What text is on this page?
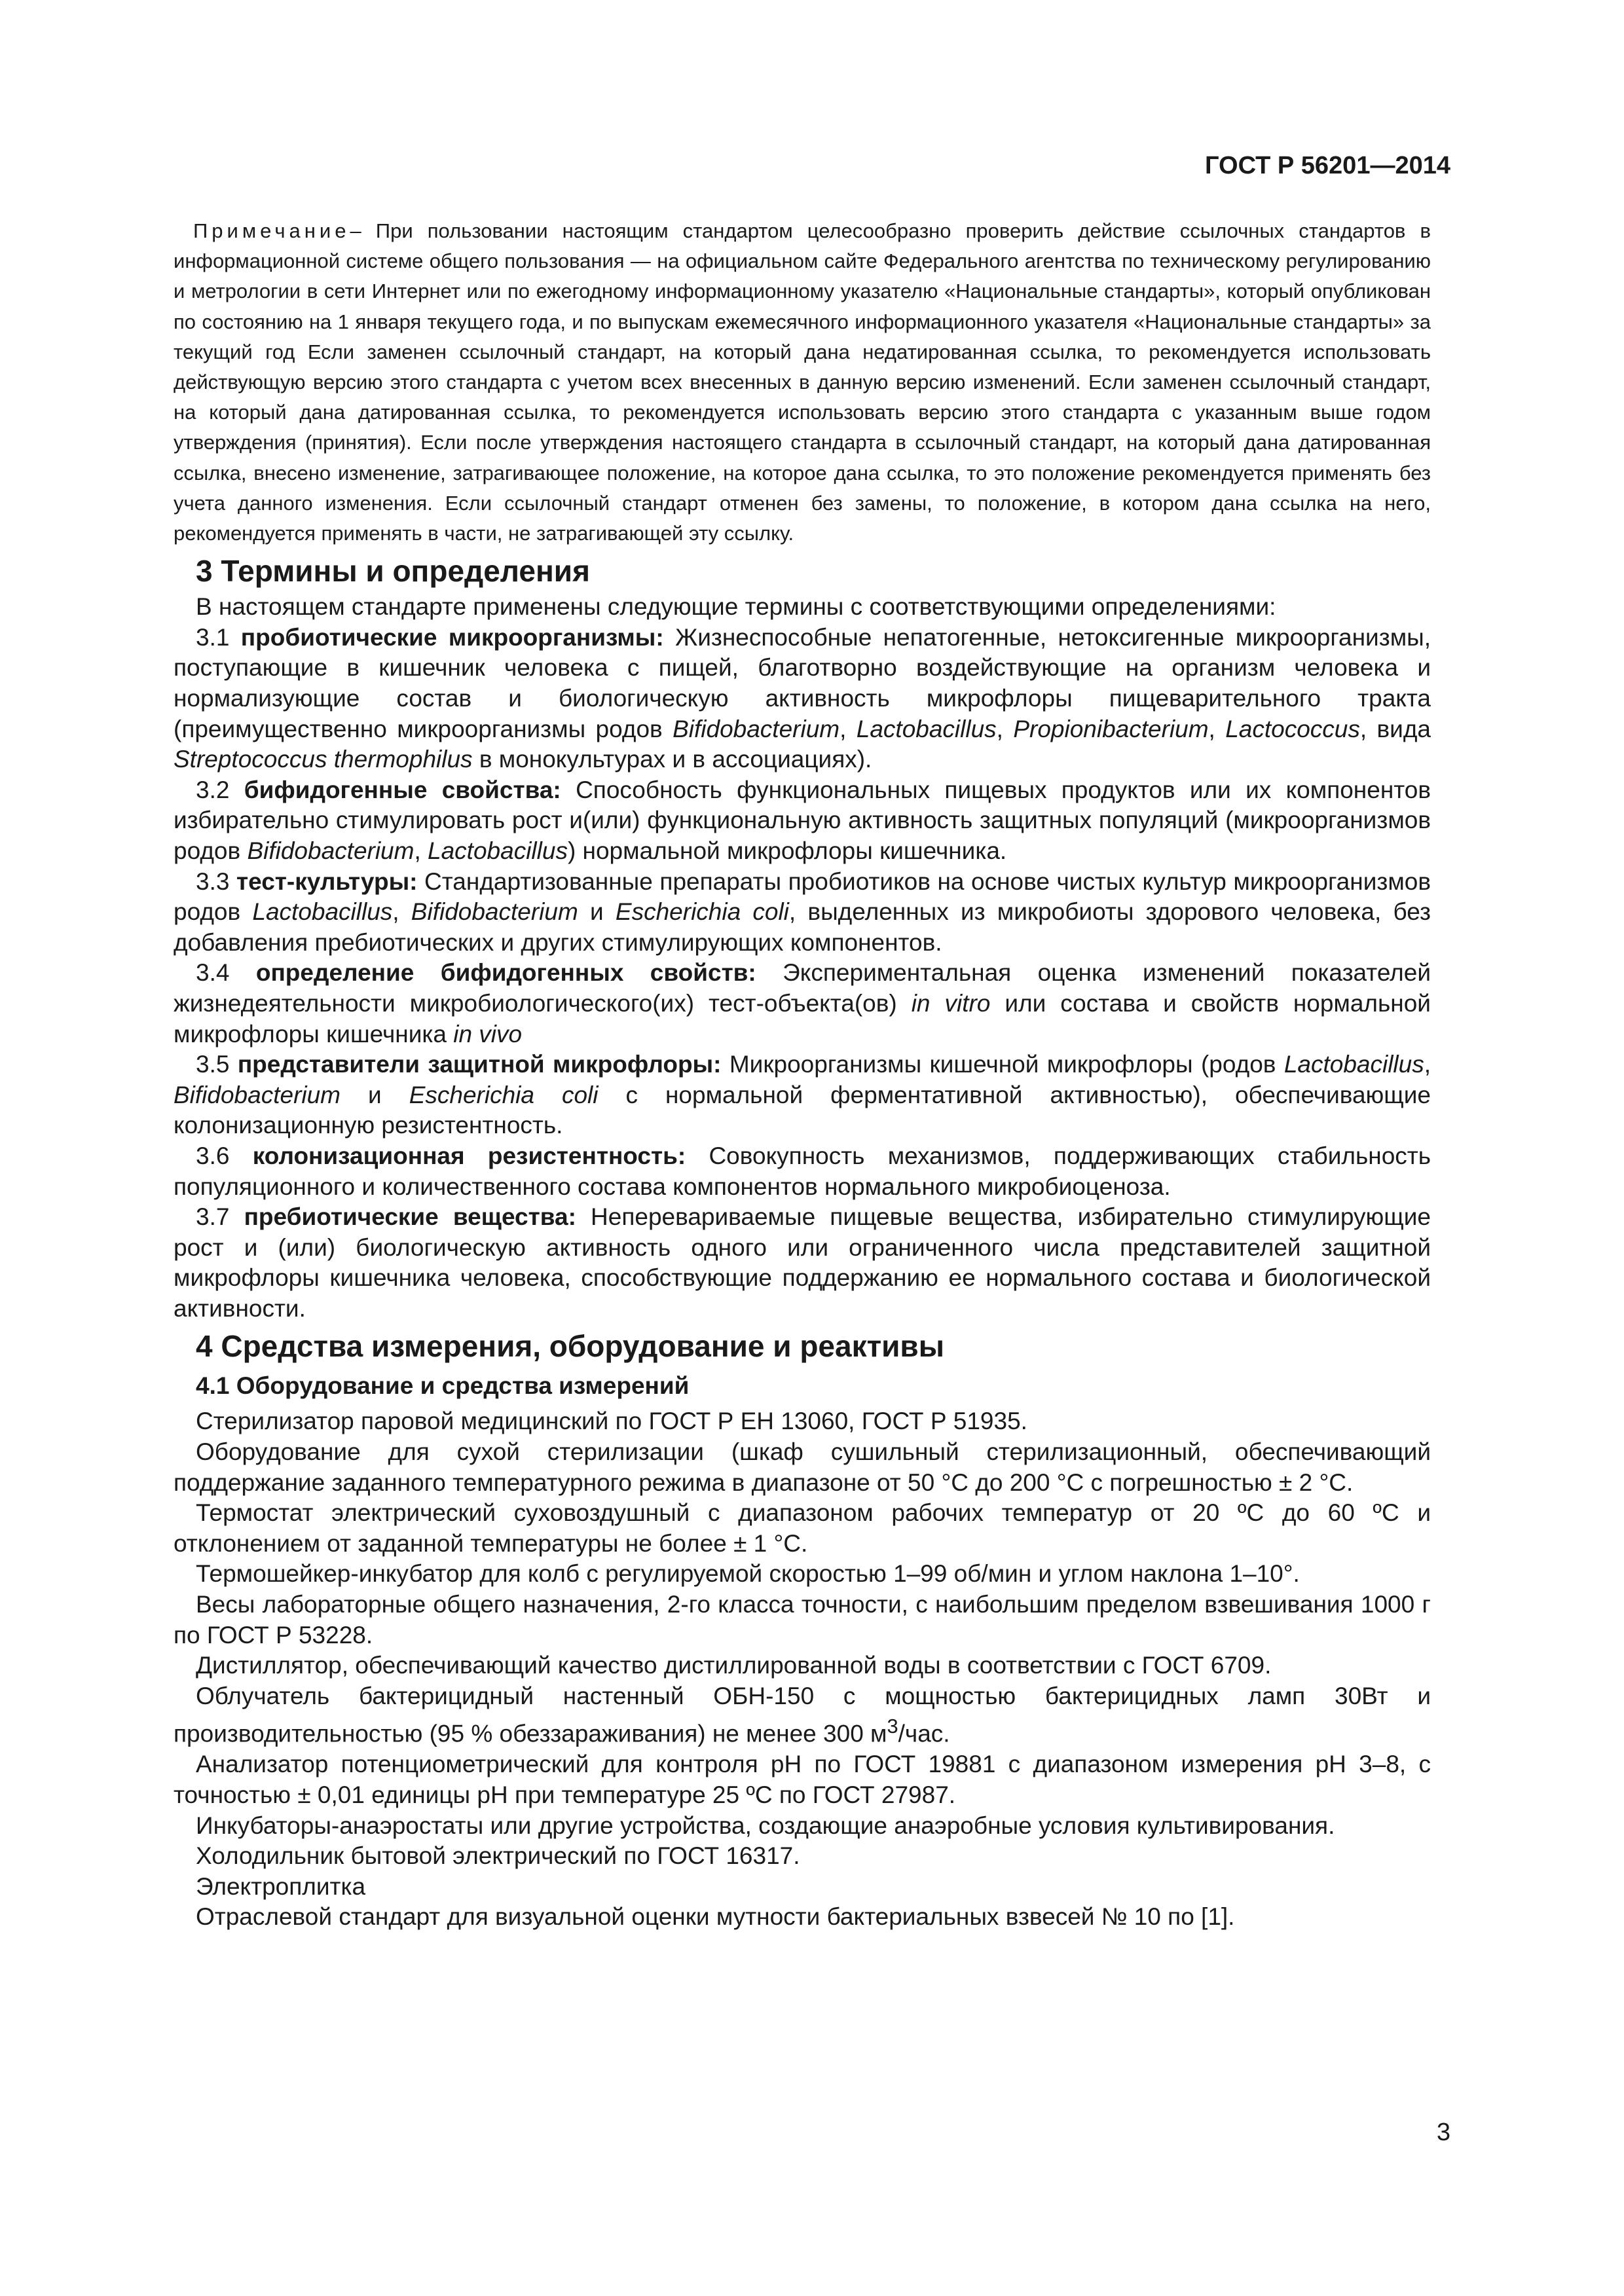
ГОСТ Р 56201—2014

Примечание– При пользовании настоящим стандартом целесообразно проверить действие ссылочных стандартов в информационной системе общего пользования — на официальном сайте Федерального агентства по техническому регулированию и метрологии в сети Интернет или по ежегодному информационному указателю «Национальные стандарты», который опубликован по состоянию на 1 января текущего года, и по выпускам ежемесячного информационного указателя «Национальные стандарты» за текущий год Если заменен ссылочный стандарт, на который дана недатированная ссылка, то рекомендуется использовать действующую версию этого стандарта с учетом всех внесенных в данную версию изменений. Если заменен ссылочный стандарт, на который дана датированная ссылка, то рекомендуется использовать версию этого стандарта с указанным выше годом утверждения (принятия). Если после утверждения настоящего стандарта в ссылочный стандарт, на который дана датированная ссылка, внесено изменение, затрагивающее положение, на которое дана ссылка, то это положение рекомендуется применять без учета данного изменения. Если ссылочный стандарт отменен без замены, то положение, в котором дана ссылка на него, рекомендуется применять в части, не затрагивающей эту ссылку.

3 Термины и определения

В настоящем стандарте применены следующие термины с соответствующими определениями:

3.1 пробиотические микроорганизмы: Жизнеспособные непатогенные, нетоксигенные микроорганизмы, поступающие в кишечник человека с пищей, благотворно воздействующие на организм человека и нормализующие состав и биологическую активность микрофлоры пищеварительного тракта (преимущественно микроорганизмы родов Bifidobacterium, Lactobacillus, Propionibacterium, Lactococcus, вида Streptococcus thermophilus в монокультурах и в ассоциациях).

3.2 бифидогенные свойства: Способность функциональных пищевых продуктов или их компонентов избирательно стимулировать рост и(или) функциональную активность защитных популяций (микроорганизмов родов Bifidobacterium, Lactobacillus) нормальной микрофлоры кишечника.

3.3 тест-культуры: Стандартизованные препараты пробиотиков на основе чистых культур микроорганизмов родов Lactobacillus, Bifidobacterium и Escherichia coli, выделенных из микробиоты здорового человека, без добавления пребиотических и других стимулирующих компонентов.

3.4 определение бифидогенных свойств: Экспериментальная оценка изменений показателей жизнедеятельности микробиологического(их) тест-объекта(ов) in vitro или состава и свойств нормальной микрофлоры кишечника in vivo

3.5 представители защитной микрофлоры: Микроорганизмы кишечной микрофлоры (родов Lactobacillus, Bifidobacterium и Escherichia coli с нормальной ферментативной активностью), обеспечивающие колонизационную резистентность.

3.6 колонизационная резистентность: Совокупность механизмов, поддерживающих стабильность популяционного и количественного состава компонентов нормального микробиоценоза.

3.7 пребиотические вещества: Неперевариваемые пищевые вещества, избирательно стимулирующие рост и (или) биологическую активность одного или ограниченного числа представителей защитной микрофлоры кишечника человека, способствующие поддержанию ее нормального состава и биологической активности.

4 Средства измерения, оборудование и реактивы
4.1 Оборудование и средства измерений

Стерилизатор паровой медицинский по ГОСТ Р ЕН 13060, ГОСТ Р 51935.

Оборудование для сухой стерилизации (шкаф сушильный стерилизационный, обеспечивающий поддержание заданного температурного режима в диапазоне от 50 °С до 200 °С с погрешностью ± 2 °С.

Термостат электрический суховоздушный с диапазоном рабочих температур от 20 ºС до 60 ºС и отклонением от заданной температуры не более ± 1 °С.

Термошейкер-инкубатор для колб с регулируемой скоростью 1–99 об/мин и углом наклона 1–10°.

Весы лабораторные общего назначения, 2-го класса точности, с наибольшим пределом взвешивания 1000 г по ГОСТ Р 53228.

Дистиллятор, обеспечивающий качество дистиллированной воды в соответствии с ГОСТ 6709.

Облучатель бактерицидный настенный ОБН-150 с мощностью бактерицидных ламп 30Вт и производительностью (95 % обеззараживания) не менее 300 $м^3$/час.

Анализатор потенциометрический для контроля pH по ГОСТ 19881 с диапазоном измерения pH 3–8, с точностью ± 0,01 единицы pH при температуре 25 ºС по ГОСТ 27987.

Инкубаторы-анаэростаты или другие устройства, создающие анаэробные условия культивирования.

Холодильник бытовой электрический по ГОСТ 16317.

Электроплитка

Отраслевой стандарт для визуальной оценки мутности бактериальных взвесей № 10 по [1].

3
